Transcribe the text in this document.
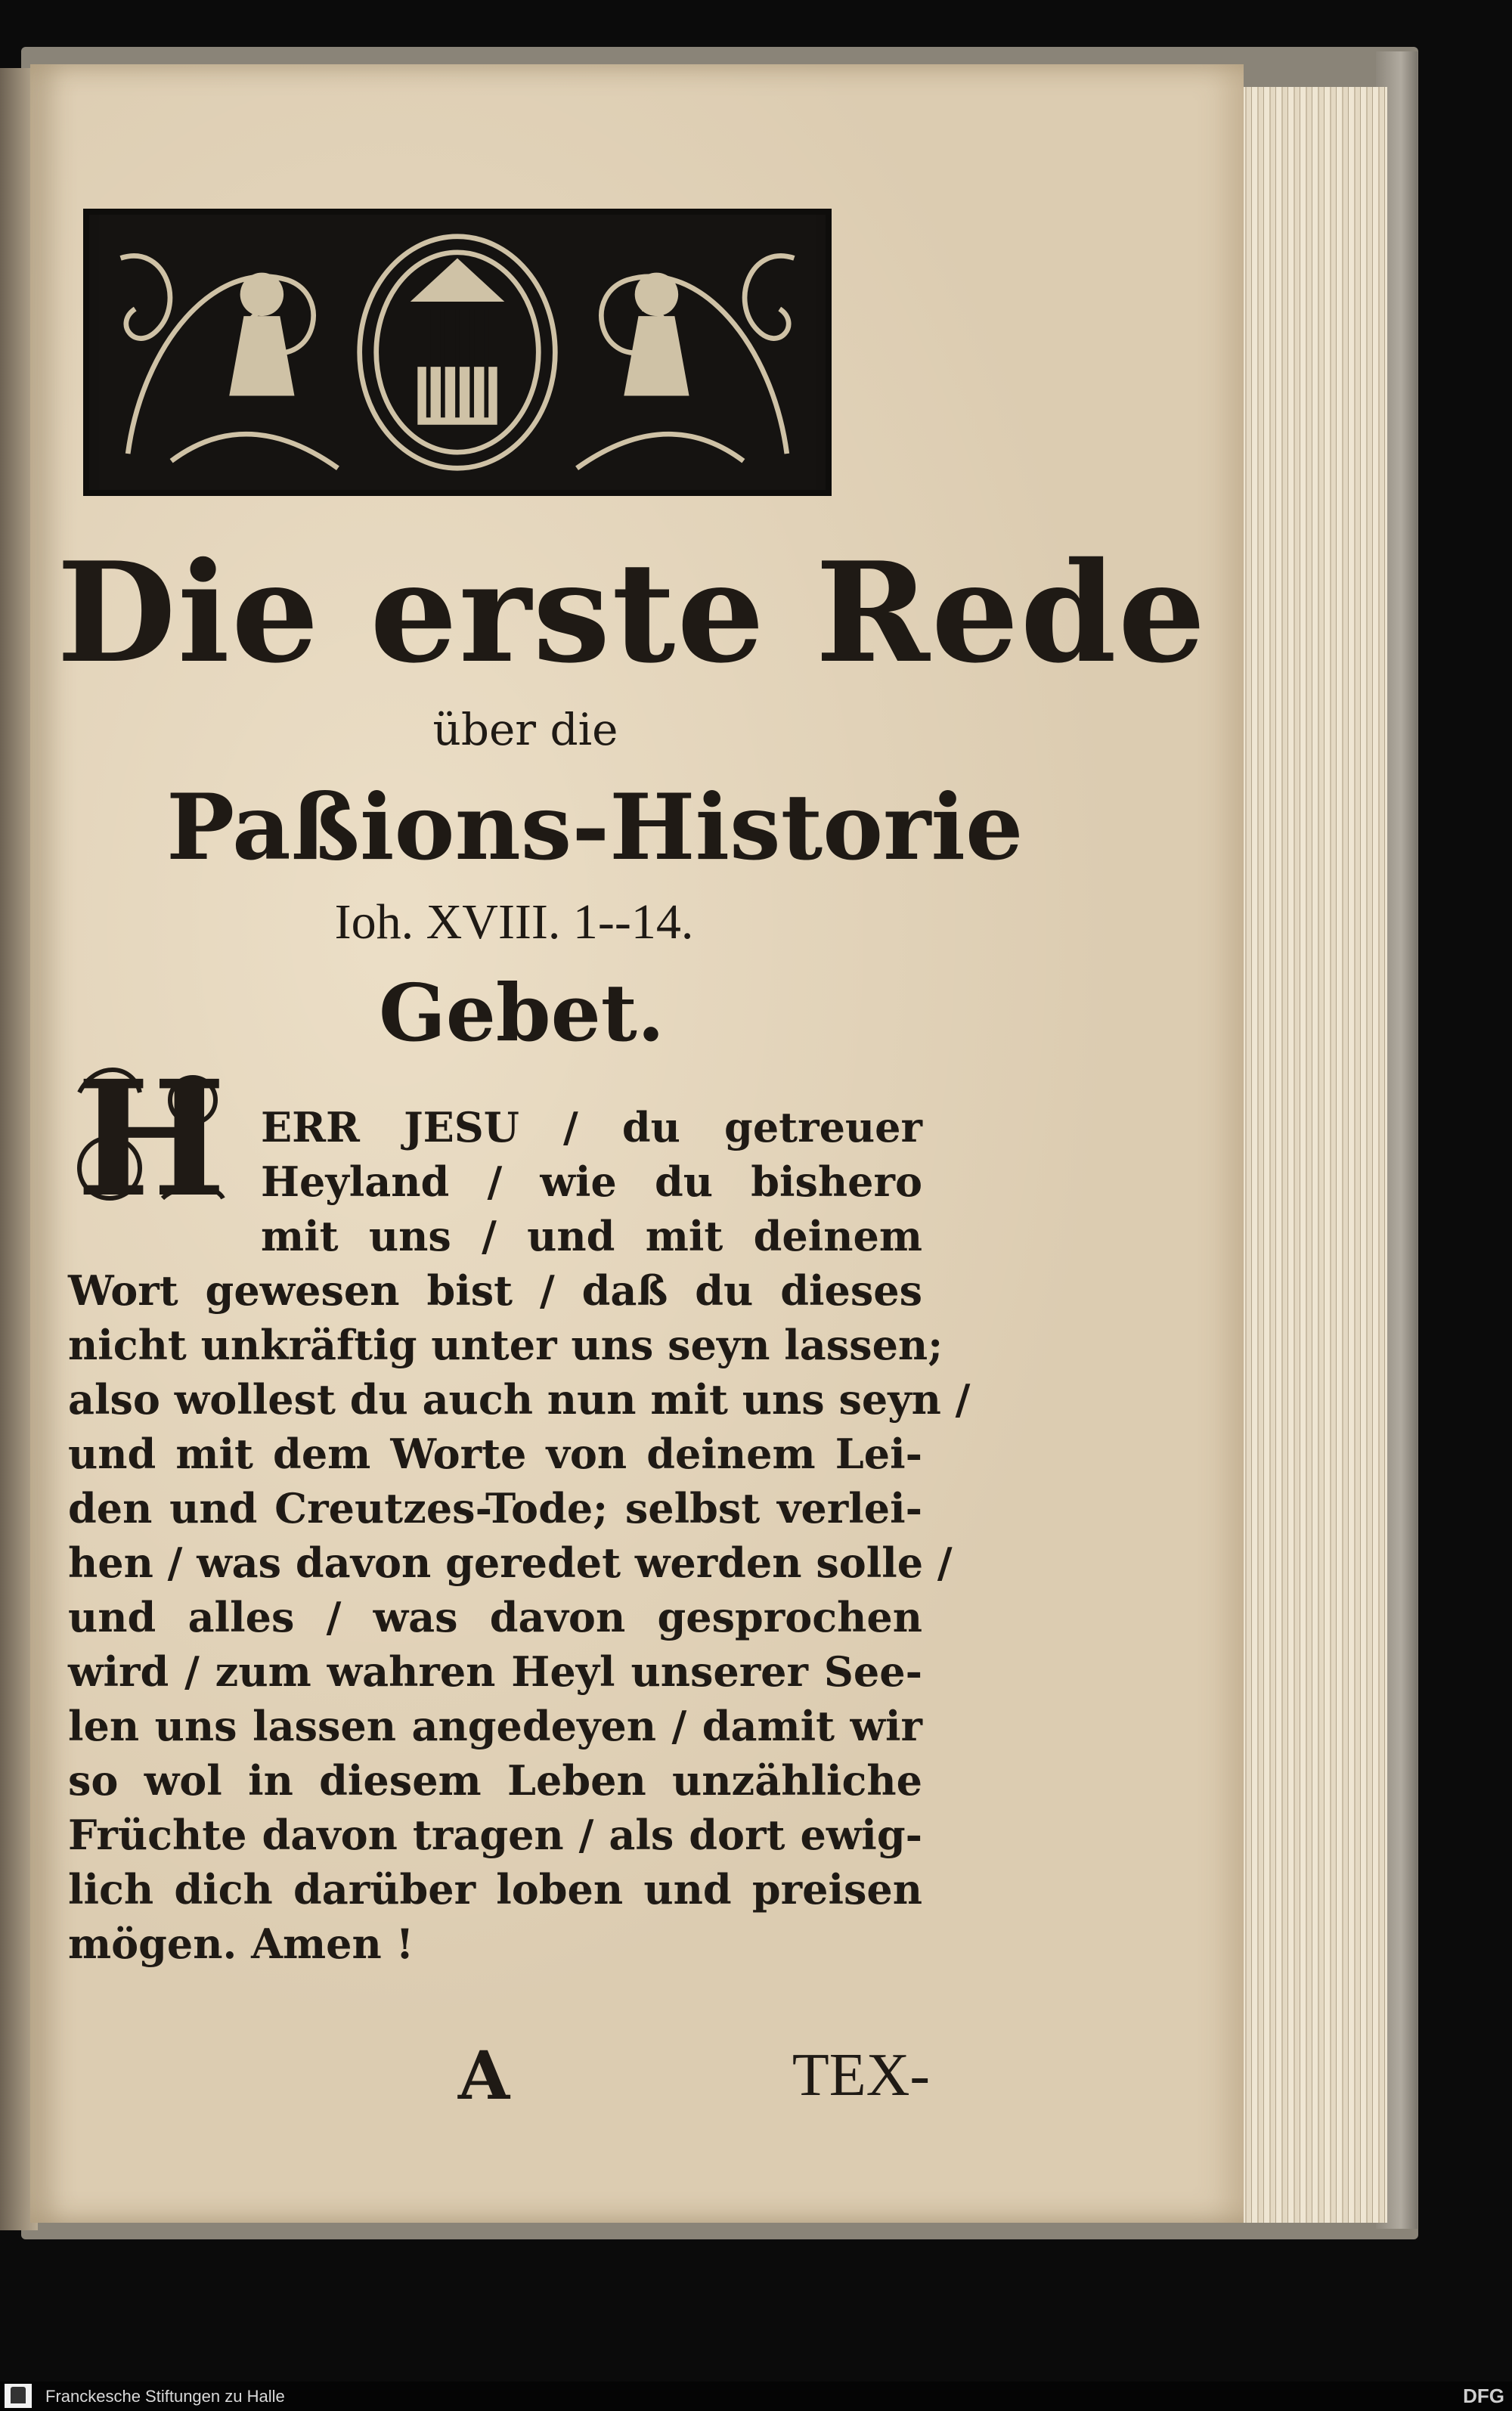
Die erste Rede
über die
Paßions-Historie
Ioh. XVIII. 1--14.
Gebet.
H ERR JESU / du getreuer
Heyland / wie du bishero
mit uns / und mit deinem
Wort gewesen bist / daß du dieses
nicht unkräftig unter uns seyn lassen;
also wollest du auch nun mit uns seyn /
und mit dem Worte von deinem Lei-
den und Creutzes-Tode; selbst verlei-
hen / was davon geredet werden solle /
und alles / was davon gesprochen
wird / zum wahren Heyl unserer See-
len uns lassen angedeyen / damit wir
so wol in diesem Leben unzähliche
Früchte davon tragen / als dort ewig-
lich dich darüber loben und preisen
mögen. Amen !
A	TEX-
Franckesche Stiftungen zu Halle	DFG
